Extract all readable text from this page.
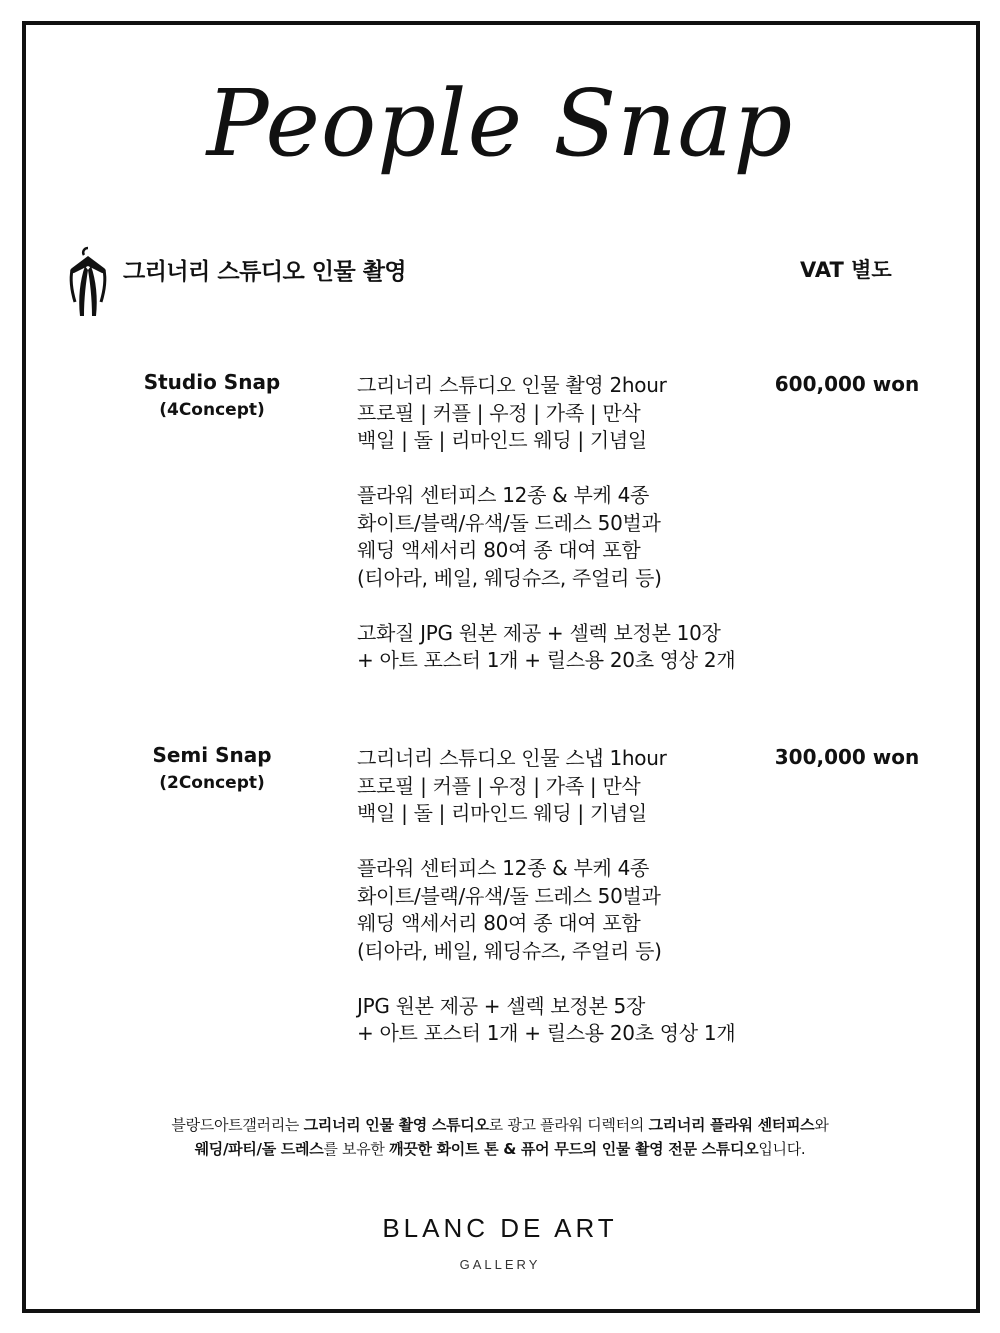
People Snap
그리너리 스튜디오 인물 촬영	VAT 별도
Studio Snap
(4Concept)
그리너리 스튜디오 인물 촬영 2hour
프로필 | 커플 | 우정 | 가족 | 만삭
백일 | 돌 | 리마인드 웨딩 | 기념일
플라워 센터피스 12종 & 부케 4종
화이트/블랙/유색/돌 드레스 50벌과
웨딩 액세서리 80여 종 대여 포함
(티아라, 베일, 웨딩슈즈, 주얼리 등)
고화질 JPG 원본 제공 + 셀렉 보정본 10장
+ 아트 포스터 1개 + 릴스용 20초 영상 2개
600,000 won
Semi Snap
(2Concept)
그리너리 스튜디오 인물 스냅 1hour
프로필 | 커플 | 우정 | 가족 | 만삭
백일 | 돌 | 리마인드 웨딩 | 기념일
플라워 센터피스 12종 & 부케 4종
화이트/블랙/유색/돌 드레스 50벌과
웨딩 액세서리 80여 종 대여 포함
(티아라, 베일, 웨딩슈즈, 주얼리 등)
JPG 원본 제공 + 셀렉 보정본 5장
+ 아트 포스터 1개 + 릴스용 20초 영상 1개
300,000 won
블랑드아트갤러리는 그리너리 인물 촬영 스튜디오로 광고 플라워 디렉터의 그리너리 플라워 센터피스와
웨딩/파티/돌 드레스를 보유한 깨끗한 화이트 톤 & 퓨어 무드의 인물 촬영 전문 스튜디오입니다.
BLANC DE ART
GALLERY
